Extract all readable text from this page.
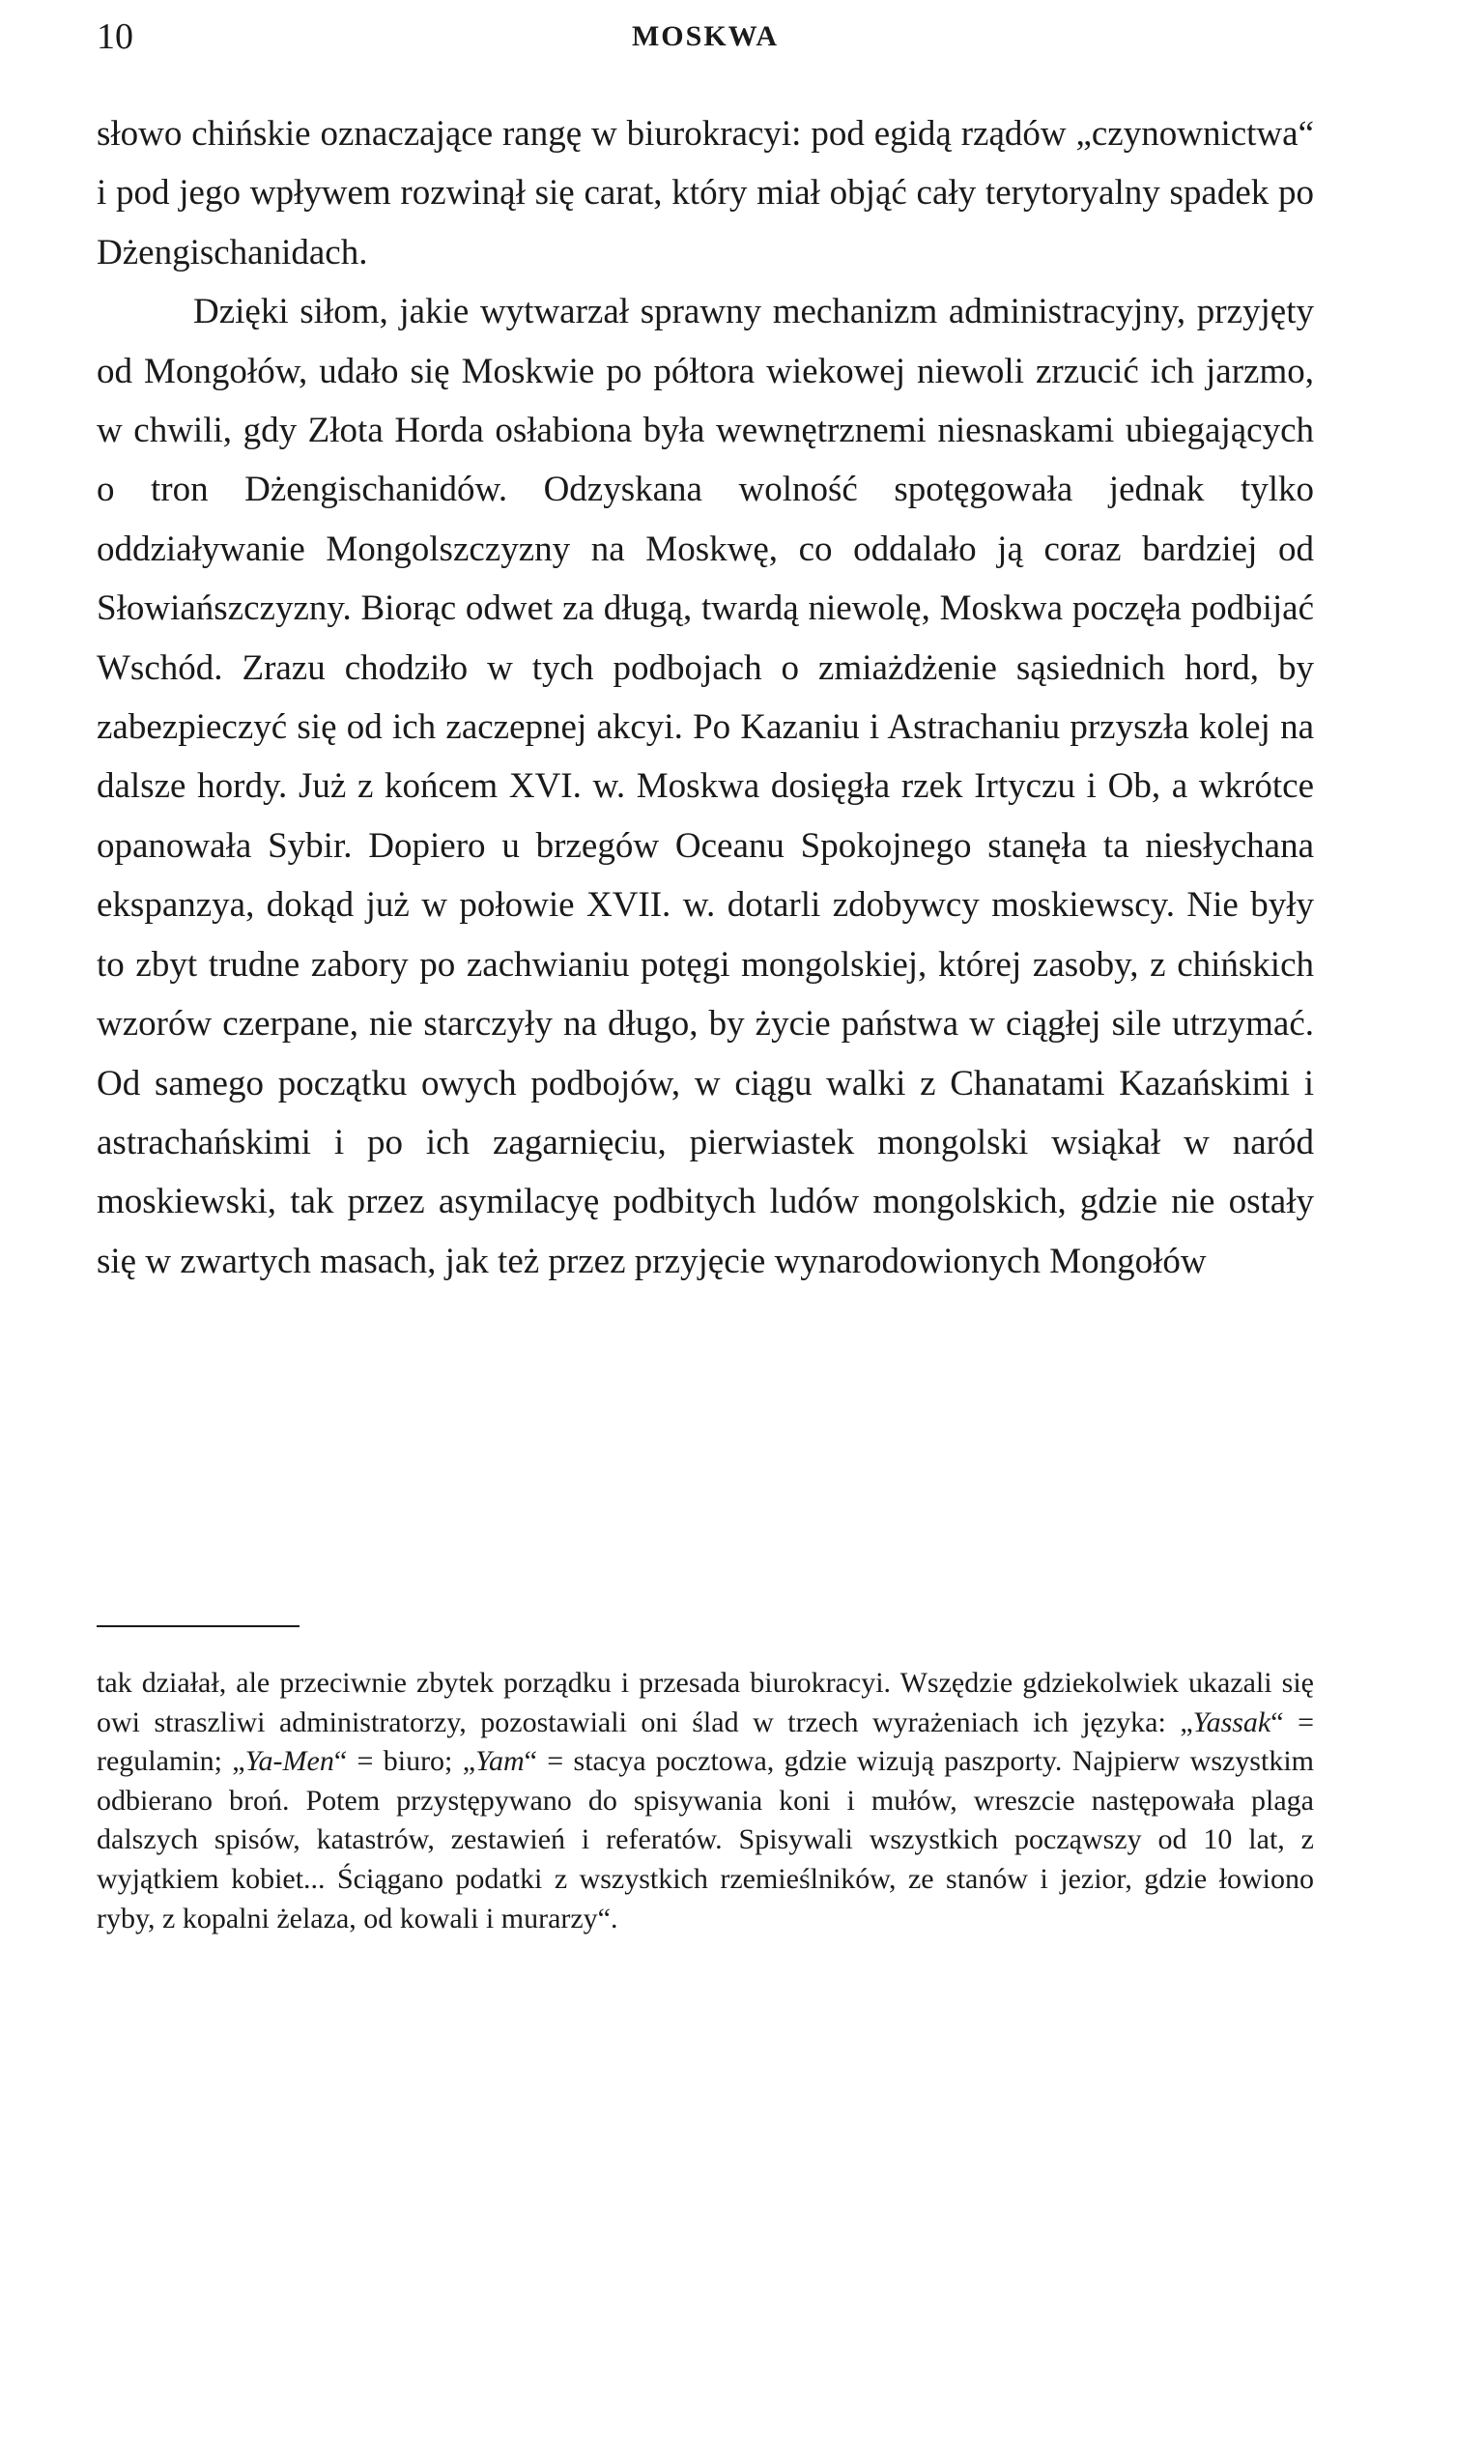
10	MOSKWA

słowo chińskie oznaczające rangę w biurokracyi: pod egidą rządów „czynownictwa“ i pod jego wpływem rozwinął się carat, który miał objąć cały terytoryalny spadek po Dżengischanidach.

Dzięki siłom, jakie wytwarzał sprawny mechanizm administracyjny, przyjęty od Mongołów, udało się Moskwie po półtora wiekowej niewoli zrzucić ich jarzmo, w chwili, gdy Złota Horda osłabiona była wewnętrznemi niesnaskami ubiegających o tron Dżengischanidów. Odzyskana wolność spotęgowała jednak tylko oddziaływanie Mongolszczyzny na Moskwę, co oddalało ją coraz bardziej od Słowiańszczyzny. Biorąc odwet za długą, twardą niewolę, Moskwa poczęła podbijać Wschód. Zrazu chodziło w tych podbojach o zmiażdżenie sąsiednich hord, by zabezpieczyć się od ich zaczepnej akcyi. Po Kazaniu i Astrachaniu przyszła kolej na dalsze hordy. Już z końcem XVI. w. Moskwa dosięgła rzek Irtyczu i Ob, a wkrótce opanowała Sybir. Dopiero u brzegów Oceanu Spokojnego stanęła ta niesłychana ekspanzya, dokąd już w połowie XVII. w. dotarli zdobywcy moskiewscy. Nie były to zbyt trudne zabory po zachwianiu potęgi mongolskiej, której zasoby, z chińskich wzorów czerpane, nie starczyły na długo, by życie państwa w ciągłej sile utrzymać. Od samego początku owych podbojów, w ciągu walki z Chanatami Kazańskimi i astrachańskimi i po ich zagarnięciu, pierwiastek mongolski wsiąkał w naród moskiewski, tak przez asymilacyę podbitych ludów mongolskich, gdzie nie ostały się w zwartych masach, jak też przez przyjęcie wynarodowionych Mongołów

tak działał, ale przeciwnie zbytek porządku i przesada biurokracyi. Wszędzie gdziekolwiek ukazali się owi straszliwi administratorzy, pozostawiali oni ślad w trzech wyrażeniach ich języka: „Yassak“ = regulamin; „Ya-Men“ = biuro; „Yam“ = stacya pocztowa, gdzie wizują paszporty. Najpierw wszystkim odbierano broń. Potem przystępywano do spisywania koni i mułów, wreszcie następowała plaga dalszych spisów, katastrów, zestawień i referatów. Spisywali wszystkich począwszy od 10 lat, z wyjątkiem kobiet... Ściągano podatki z wszystkich rzemieślników, ze stanów i jezior, gdzie łowiono ryby, z kopalni żelaza, od kowali i murarzy“.
